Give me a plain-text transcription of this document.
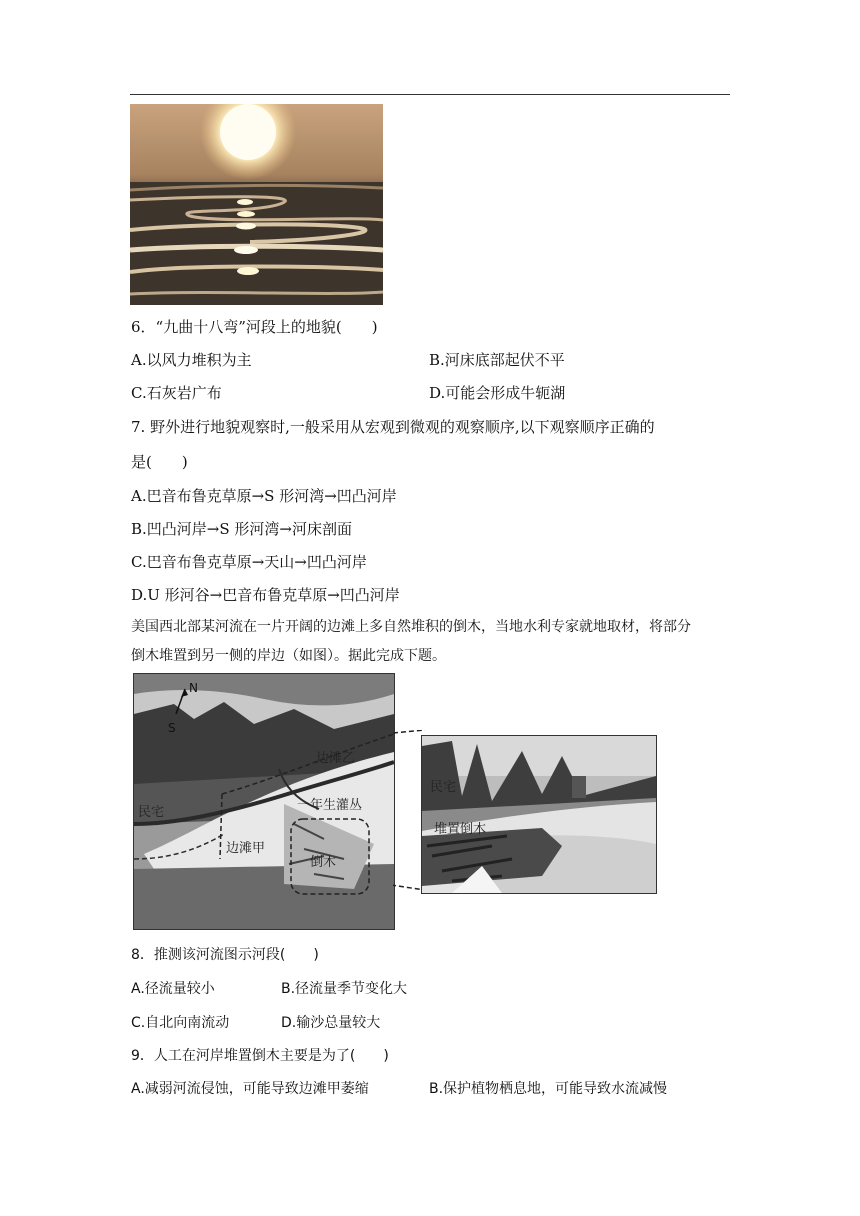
6．“九曲十八弯”河段上的地貌(　　)
A.以风力堆积为主	B.河床底部起伏不平
C.石灰岩广布	D.可能会形成牛轭湖
7. 野外进行地貌观察时,一般采用从宏观到微观的观察顺序,以下观察顺序正确的
是(　　)
A.巴音布鲁克草原→S 形河湾→凹凸河岸
B.凹凸河岸→S 形河湾→河床剖面
C.巴音布鲁克草原→天山→凹凸河岸
D.U 形河谷→巴音布鲁克草原→凹凸河岸
美国西北部某河流在一片开阔的边滩上多自然堆积的倒木，当地水利专家就地取材，将部分
倒木堆置到另一侧的岸边（如图）。据此完成下题。
N
S
边滩乙
民宅	一年生灌丛
边滩甲
倒木
民宅
堆置倒木
8．推测该河流图示河段(　　)
A.径流量较小	B.径流量季节变化大
C.自北向南流动	D.输沙总量较大
9．人工在河岸堆置倒木主要是为了(　　)
A.减弱河流侵蚀，可能导致边滩甲萎缩	B.保护植物栖息地，可能导致水流减慢
